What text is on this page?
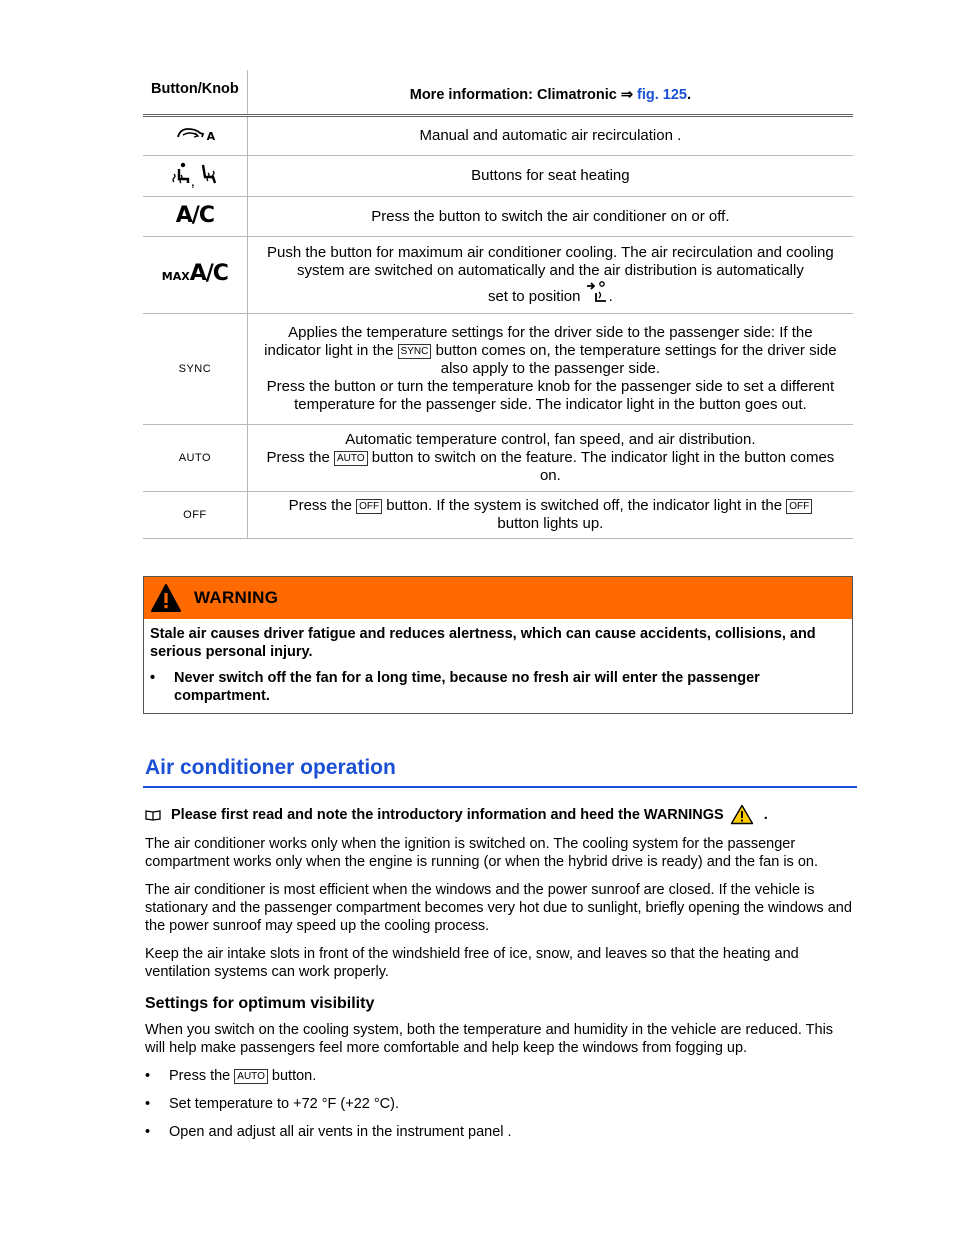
Button/Knob	More information: Climatronic ⇒ fig. 125.
A	Manual and automatic air recirculation .
,	Buttons for seat heating
A/C	Press the button to switch the air conditioner on or off.
MAXA/C	Push the button for maximum air conditioner cooling. The air recirculation and cooling system are switched on automatically and the air distribution is automatically
set to position .
SYNC	Applies the temperature settings for the driver side to the passenger side: If the indicator light in the SYNC button comes on, the temperature settings for the driver side also apply to the passenger side.
Press the button or turn the temperature knob for the passenger side to set a different temperature for the passenger side. The indicator light in the button goes out.
AUTO	Automatic temperature control, fan speed, and air distribution.
Press the AUTO button to switch on the feature. The indicator light in the button comes on.
OFF	Press the OFF button. If the system is switched off, the indicator light in the OFF
button lights up.
WARNING

Stale air causes driver fatigue and reduces alertness, which can cause accidents, collisions, and serious personal injury.

•	Never switch off the fan for a long time, because no fresh air will enter the passenger compartment.
Air conditioner operation
Please first read and note the introductory information and heed the WARNINGS	.

The air conditioner works only when the ignition is switched on. The cooling system for the passenger compartment works only when the engine is running (or when the hybrid drive is ready) and the fan is on.

The air conditioner is most efficient when the windows and the power sunroof are closed. If the vehicle is stationary and the passenger compartment becomes very hot due to sunlight, briefly opening the windows and the power sunroof may speed up the cooling process.

Keep the air intake slots in front of the windshield free of ice, snow, and leaves so that the heating and ventilation systems can work properly.

Settings for optimum visibility

When you switch on the cooling system, both the temperature and humidity in the vehicle are reduced. This will help make passengers feel more comfortable and help keep the windows from fogging up.

•	Press the AUTO button.
•	Set temperature to +72 °F (+22 °C).
•	Open and adjust all air vents in the instrument panel .
